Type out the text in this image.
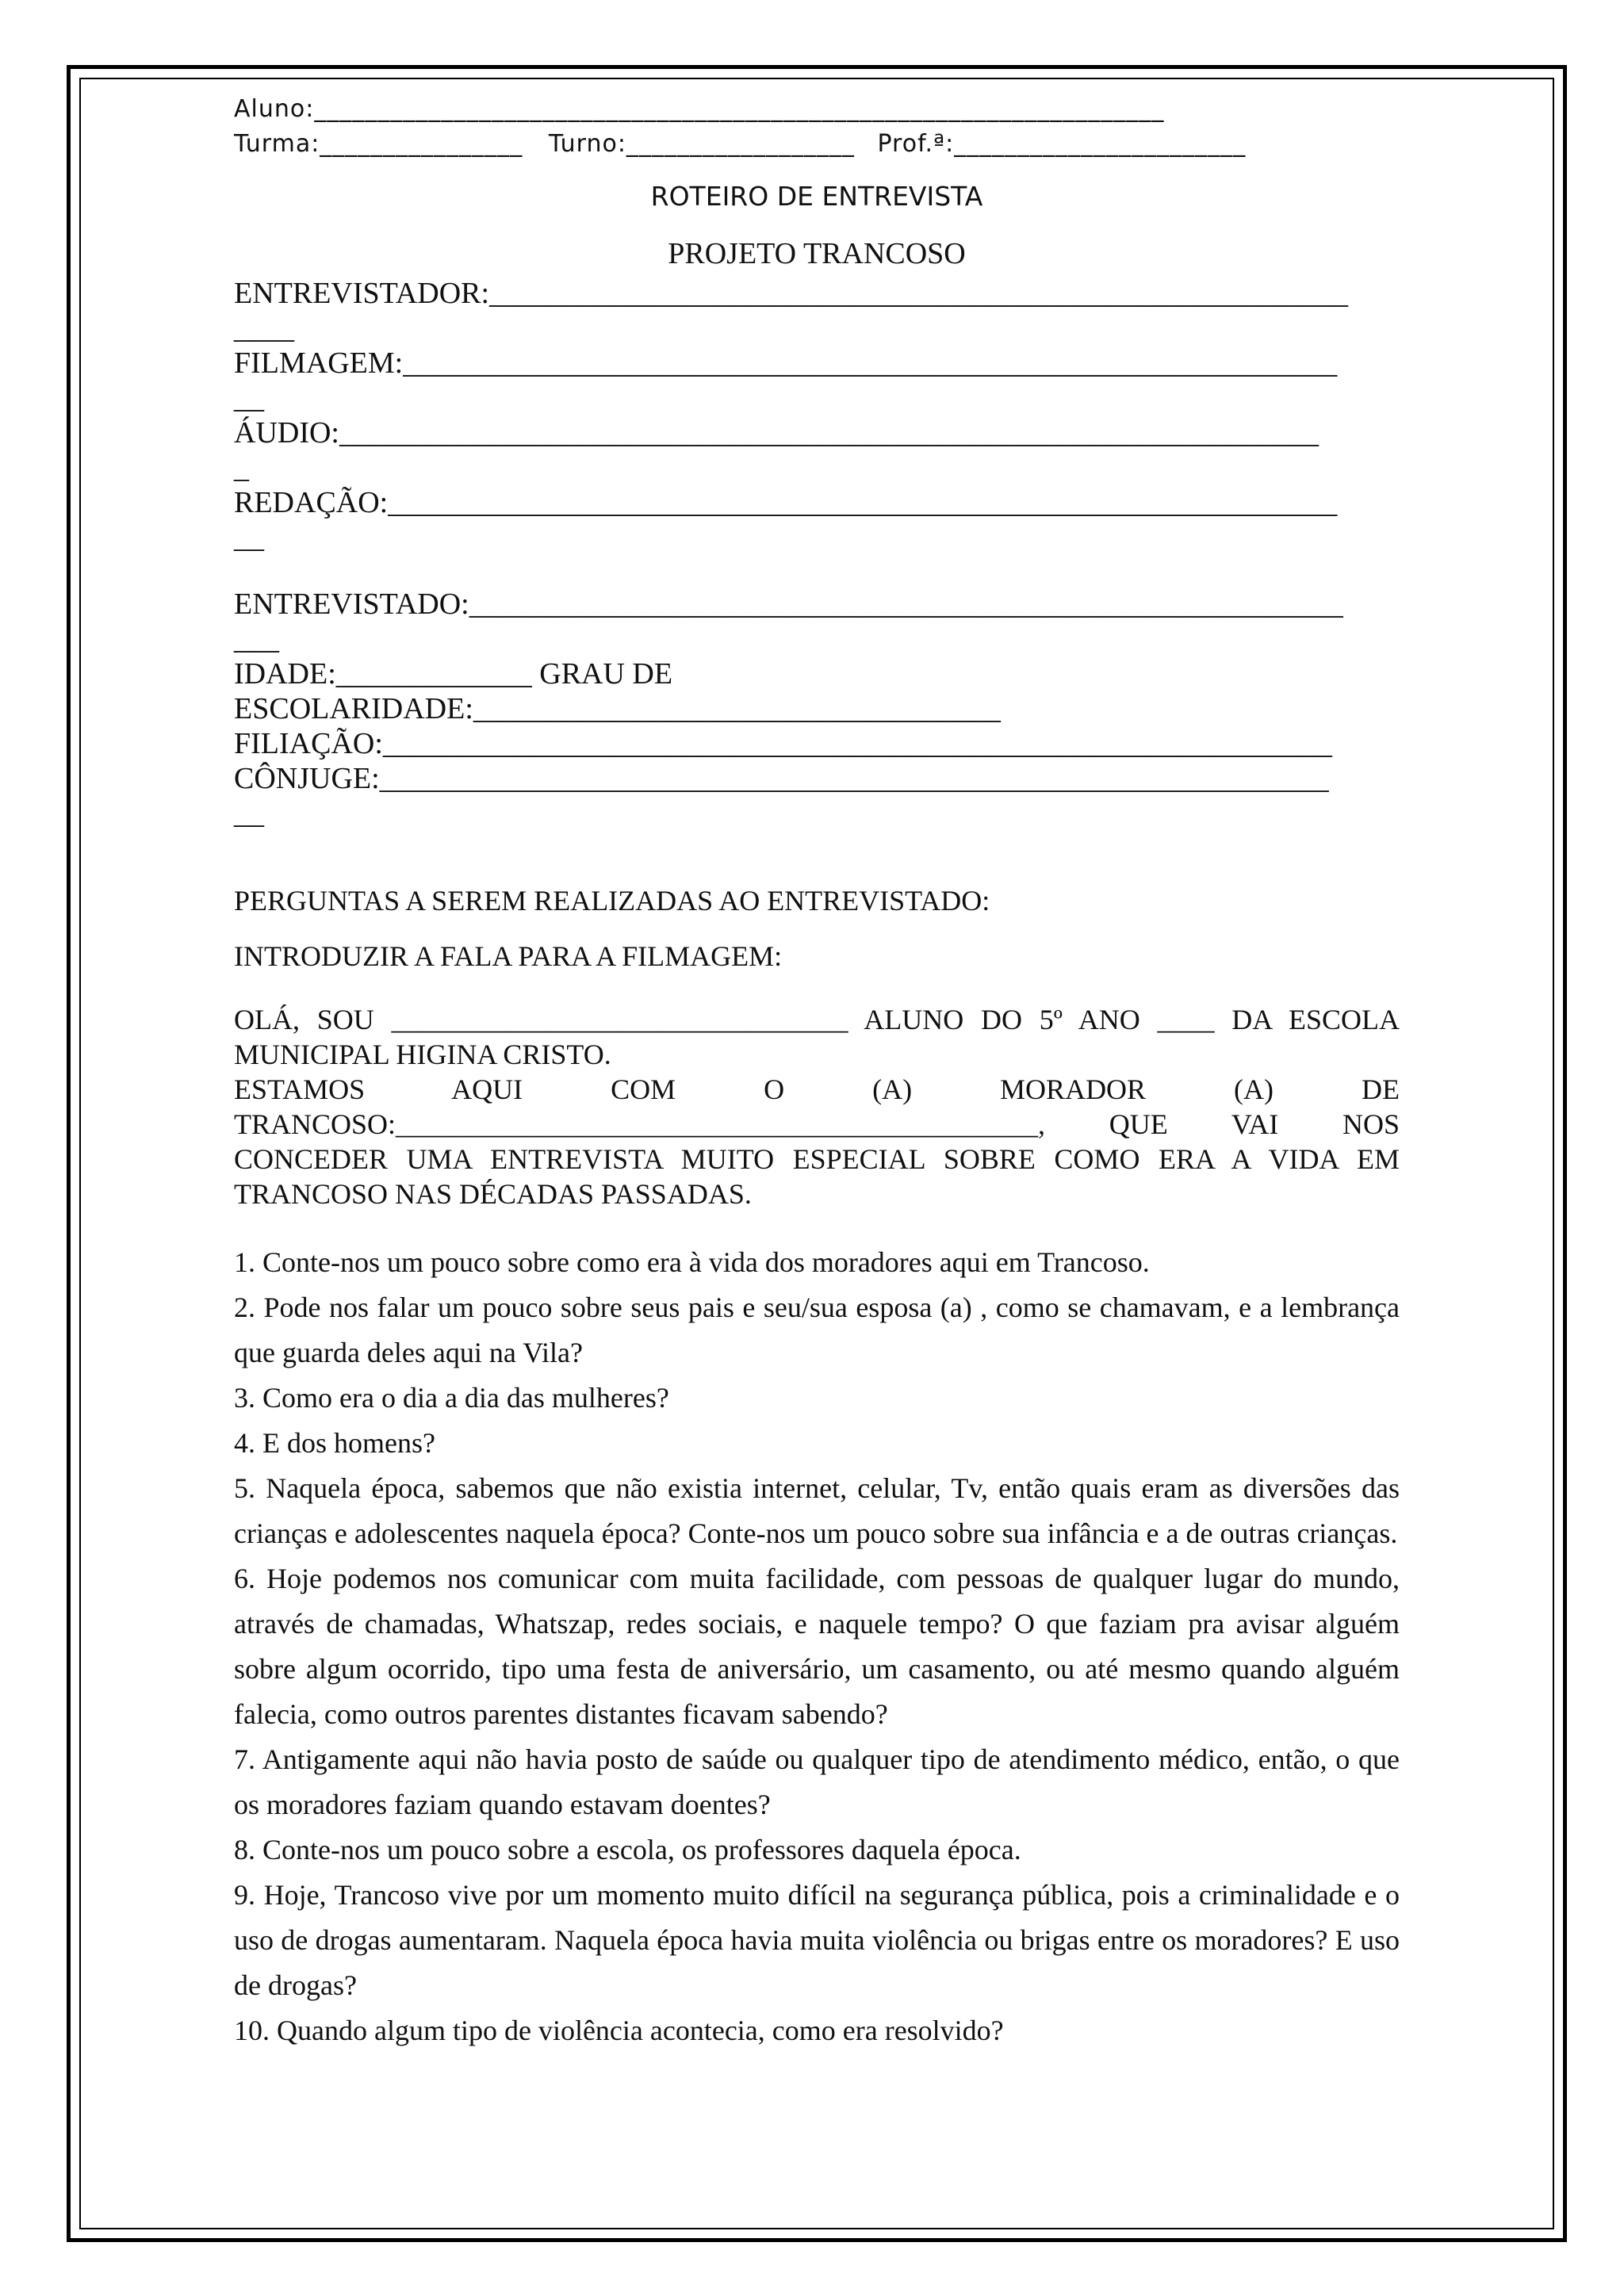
Aluno:___________________________________________________________________
Turma:________________ Turno:__________________ Prof.ª:_______________________
ROTEIRO DE ENTREVISTA
PROJETO TRANCOSO
ENTREVISTADOR:_________________________________________________________
____
FILMAGEM:______________________________________________________________
__
ÁUDIO:_________________________________________________________________
_
REDAÇÃO:_______________________________________________________________
__
ENTREVISTADO:__________________________________________________________
___
IDADE:_____________ GRAU DE
ESCOLARIDADE:___________________________________
FILIAÇÃO:_______________________________________________________________
CÔNJUGE:_______________________________________________________________
__
PERGUNTAS A SEREM REALIZADAS AO ENTREVISTADO:
INTRODUZIR A FALA PARA A FILMAGEM:
OLÁ, SOU ________________________________ ALUNO DO 5º ANO ____ DA ESCOLA
MUNICIPAL HIGINA CRISTO.
ESTAMOS AQUI COM O (A) MORADOR (A) DE
TRANCOSO:_____________________________________________, QUE VAI NOS
CONCEDER UMA ENTREVISTA MUITO ESPECIAL SOBRE COMO ERA A VIDA EM
TRANCOSO NAS DÉCADAS PASSADAS.
1. Conte-nos um pouco sobre como era à vida dos moradores aqui em Trancoso.
2. Pode nos falar um pouco sobre seus pais e seu/sua esposa (a) , como se chamavam, e a lembrança que guarda deles aqui na Vila?
3. Como era o dia a dia das mulheres?
4. E dos homens?
5. Naquela época, sabemos que não existia internet, celular, Tv, então quais eram as diversões das crianças e adolescentes naquela época? Conte-nos um pouco sobre sua infância e a de outras crianças.
6. Hoje podemos nos comunicar com muita facilidade, com pessoas de qualquer lugar do mundo, através de chamadas, Whatszap, redes sociais, e naquele tempo? O que faziam pra avisar alguém sobre algum ocorrido, tipo uma festa de aniversário, um casamento, ou até mesmo quando alguém falecia, como outros parentes distantes ficavam sabendo?
7. Antigamente aqui não havia posto de saúde ou qualquer tipo de atendimento médico, então, o que os moradores faziam quando estavam doentes?
8. Conte-nos um pouco sobre a escola, os professores daquela época.
9. Hoje, Trancoso vive por um momento muito difícil na segurança pública, pois a criminalidade e o uso de drogas aumentaram. Naquela época havia muita violência ou brigas entre os moradores? E uso de drogas?
10. Quando algum tipo de violência acontecia, como era resolvido?
